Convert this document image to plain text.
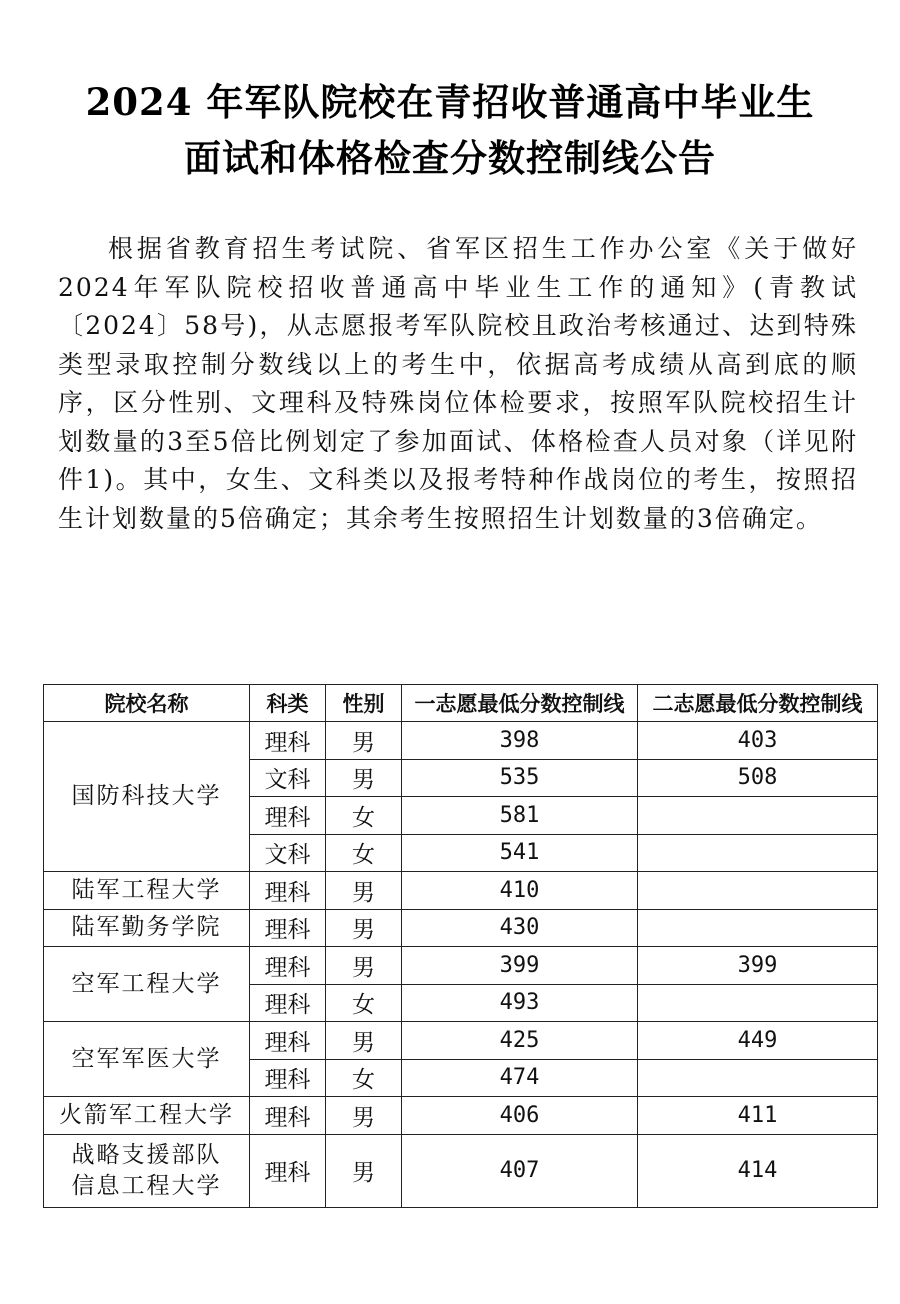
2024 年军队院校在青招收普通高中毕业生
面试和体格检查分数控制线公告

根据省教育招生考试院、省军区招生工作办公室《关于做好2024年军队院校招收普通高中毕业生工作的通知》(青教试〔2024〕58号)，从志愿报考军队院校且政治考核通过、达到特殊类型录取控制分数线以上的考生中，依据高考成绩从高到底的顺序，区分性别、文理科及特殊岗位体检要求，按照军队院校招生计划数量的3至5倍比例划定了参加面试、体格检查人员对象（详见附件1)。其中，女生、文科类以及报考特种作战岗位的考生，按照招生计划数量的5倍确定；其余考生按照招生计划数量的3倍确定。

院校名称	科类	性别	一志愿最低分数控制线	二志愿最低分数控制线
国防科技大学	理科	男	398	403
	文科	男	535	508
	理科	女	581	
	文科	女	541	
陆军工程大学	理科	男	410	
陆军勤务学院	理科	男	430	
空军工程大学	理科	男	399	399
	理科	女	493	
空军军医大学	理科	男	425	449
	理科	女	474	
火箭军工程大学	理科	男	406	411

战略支援部队
信息工程大学	理科	男	407	414
